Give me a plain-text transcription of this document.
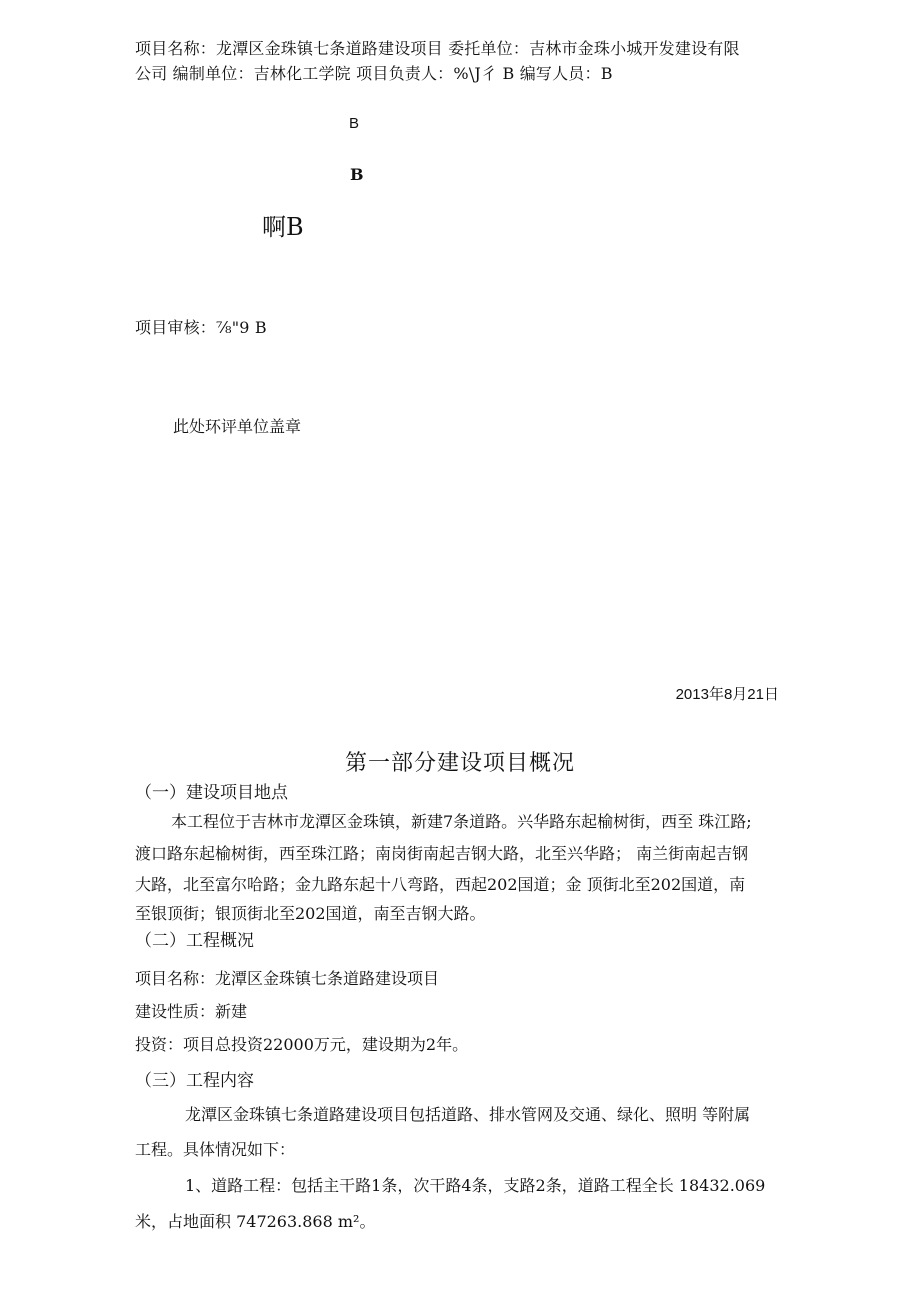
项目名称：龙潭区金珠镇七条道路建设项目 委托单位：吉林市金珠小城开发建设有限
公司 编制单位：吉林化工学院 项目负责人：%\J彳 B 编写人员：B
B
B
啊B
项目审核：⅞"9 B
此处环评单位盖章
2013年8月21日
第一部分建设项目概况
（一）建设项目地点
本工程位于吉林市龙潭区金珠镇，新建7条道路。兴华路东起榆树街，西至 珠江路;
渡口路东起榆树街，西至珠江路；南岗街南起吉钢大路，北至兴华路； 南兰街南起吉钢
大路，北至富尔哈路；金九路东起十八弯路，西起202国道；金 顶街北至202国道，南
至银顶街；银顶街北至202国道，南至吉钢大路。
（二）工程概况
项目名称：龙潭区金珠镇七条道路建设项目
建设性质：新建
投资：项目总投资22000万元，建设期为2年。
（三）工程内容
龙潭区金珠镇七条道路建设项目包括道路、排水管网及交通、绿化、照明 等附属
工程。具体情况如下：
1、道路工程：包括主干路1条，次干路4条，支路2条，道路工程全长 18432.069
米，占地面积 747263.868 m²。
